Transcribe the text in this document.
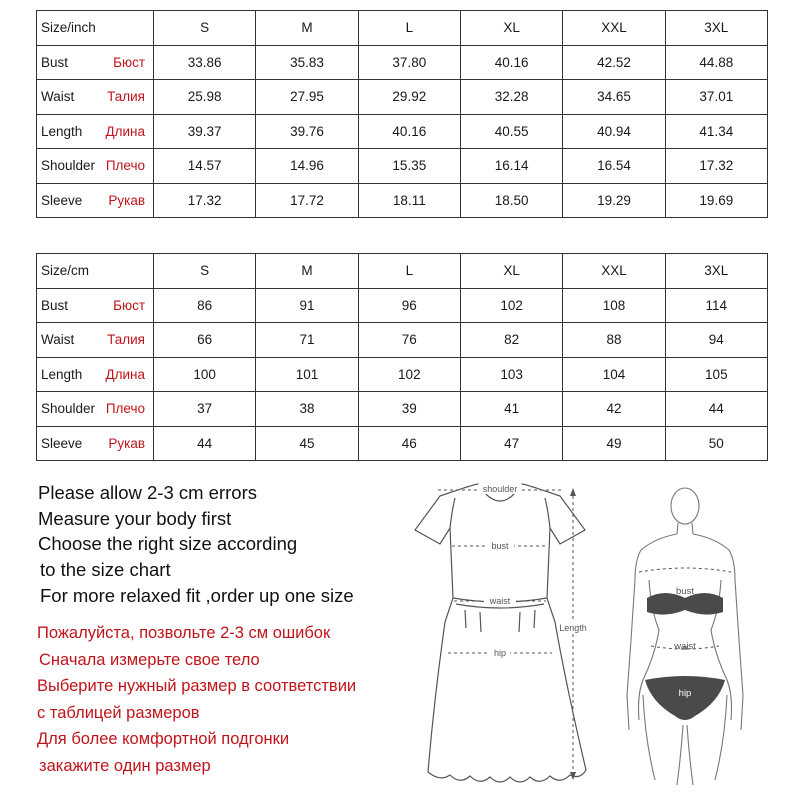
Size/inch	S	M	L	XL	XXL	3XL
Bust Бюст	33.86	35.83	37.80	40.16	42.52	44.88
Waist Талия	25.98	27.95	29.92	32.28	34.65	37.01
Length Длина	39.37	39.76	40.16	40.55	40.94	41.34
Shoulder Плечо	14.57	14.96	15.35	16.14	16.54	17.32
Sleeve Рукав	17.32	17.72	18.11	18.50	19.29	19.69
Size/cm	S	M	L	XL	XXL	3XL
Bust Бюст	86	91	96	102	108	114
Waist Талия	66	71	76	82	88	94
Length Длина	100	101	102	103	104	105
Shoulder Плечо	37	38	39	41	42	44
Sleeve Рукав	44	45	46	47	49	50
Please allow 2-3 cm errors
Measure your body first
Choose the right size according
to the size chart
For more relaxed fit ,order up one size
Пожалуйста, позвольте 2-3 см ошибок
Сначала измерьте свое тело
Выберите нужный размер в соответствии
с таблицей размеров
Для более комфортной подгонки
закажите один размер
shoulder
bust
waist
hip
Length
bust
waist
hip
